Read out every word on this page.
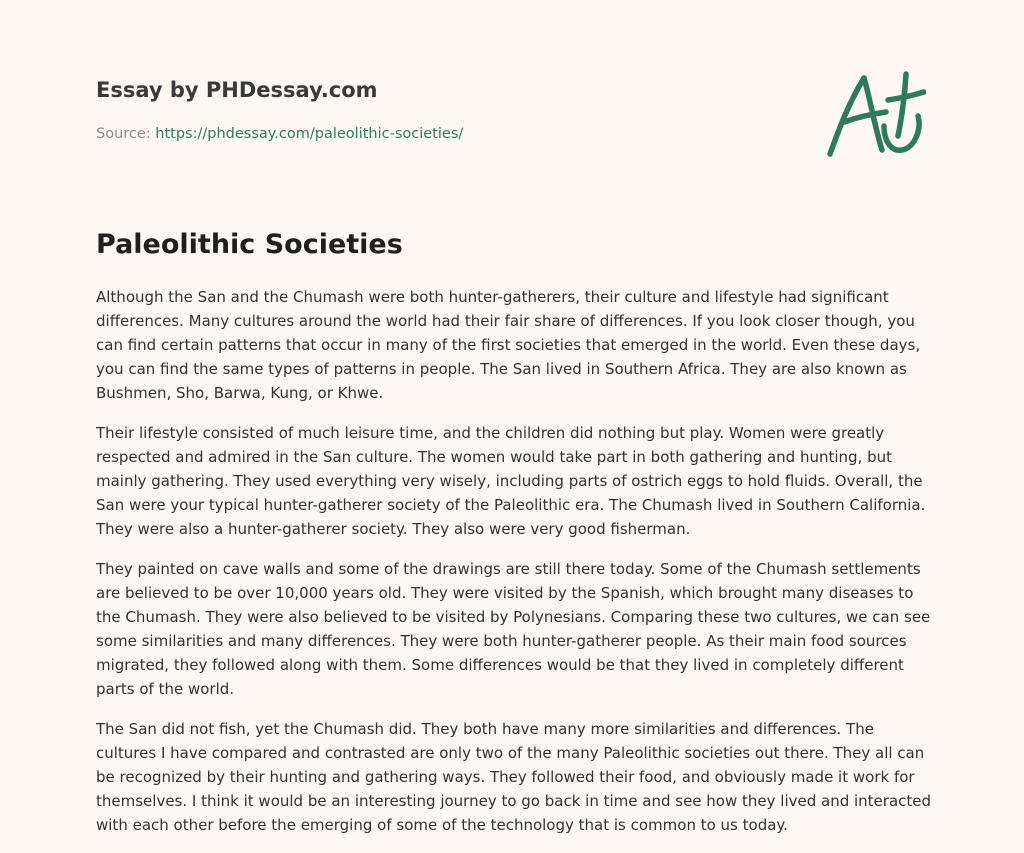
Essay by PHDessay.com
Source: https://phdessay.com/paleolithic-societies/
Paleolithic Societies

Although the San and the Chumash were both hunter-gatherers, their culture and lifestyle had significant differences. Many cultures around the world had their fair share of differences. If you look closer though, you can find certain patterns that occur in many of the first societies that emerged in the world. Even these days, you can find the same types of patterns in people. The San lived in Southern Africa. They are also known as Bushmen, Sho, Barwa, Kung, or Khwe.

Their lifestyle consisted of much leisure time, and the children did nothing but play. Women were greatly respected and admired in the San culture. The women would take part in both gathering and hunting, but mainly gathering. They used everything very wisely, including parts of ostrich eggs to hold fluids. Overall, the San were your typical hunter-gatherer society of the Paleolithic era. The Chumash lived in Southern California. They were also a hunter-gatherer society. They also were very good fisherman.

They painted on cave walls and some of the drawings are still there today. Some of the Chumash settlements are believed to be over 10,000 years old. They were visited by the Spanish, which brought many diseases to the Chumash. They were also believed to be visited by Polynesians. Comparing these two cultures, we can see some similarities and many differences. They were both hunter-gatherer people. As their main food sources migrated, they followed along with them. Some differences would be that they lived in completely different parts of the world.

The San did not fish, yet the Chumash did. They both have many more similarities and differences. The cultures I have compared and contrasted are only two of the many Paleolithic societies out there. They all can be recognized by their hunting and gathering ways. They followed their food, and obviously made it work for themselves. I think it would be an interesting journey to go back in time and see how they lived and interacted with each other before the emerging of some of the technology that is common to us today.
